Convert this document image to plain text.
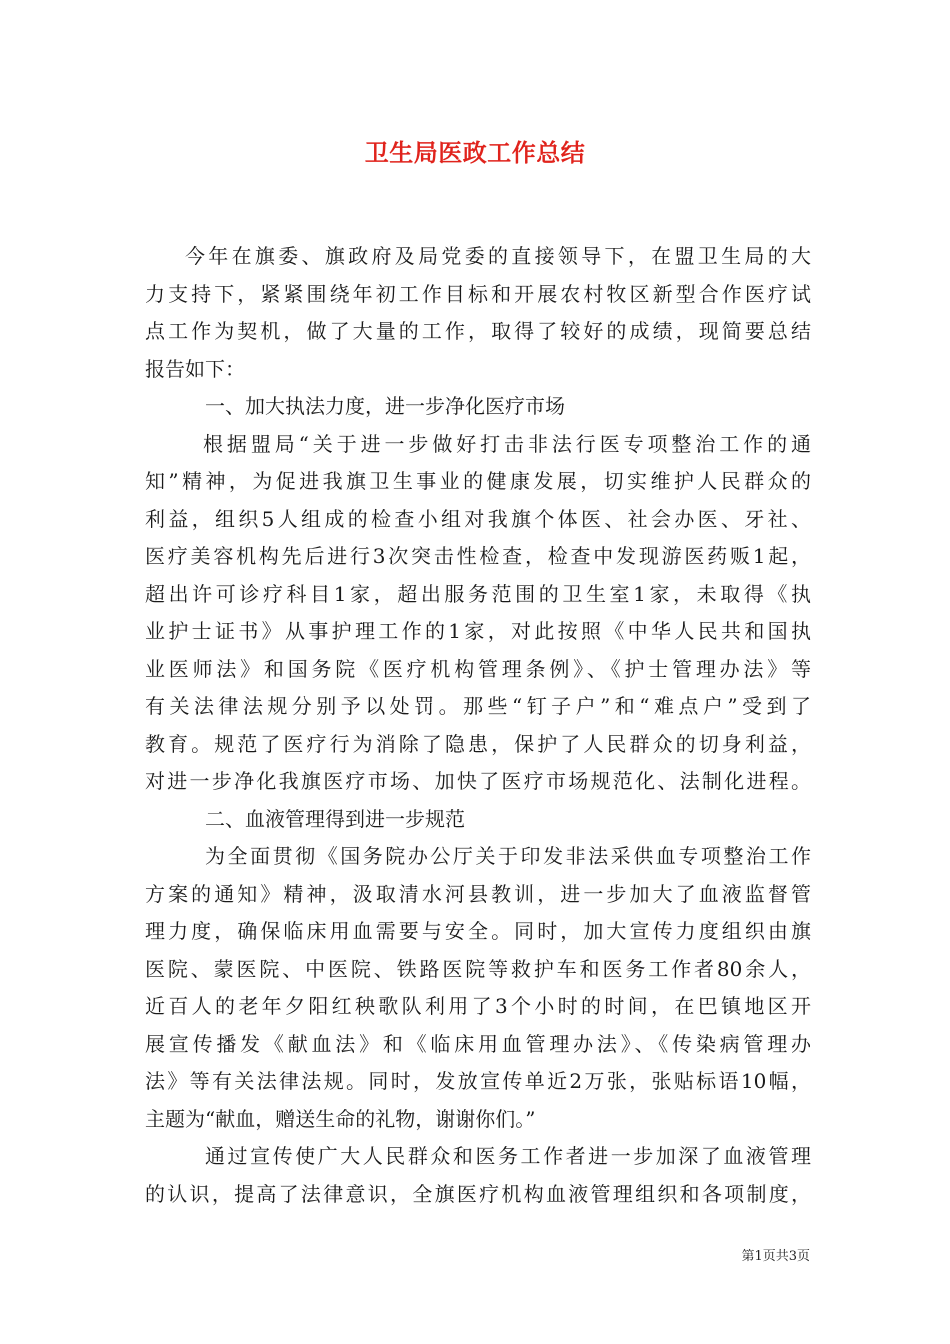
卫生局医政工作总结
今年在旗委、旗政府及局党委的直接领导下，在盟卫生局的大
力支持下，紧紧围绕年初工作目标和开展农村牧区新型合作医疗试
点工作为契机，做了大量的工作，取得了较好的成绩，现简要总结
报告如下：
一、加大执法力度，进一步净化医疗市场
根据盟局“关于进一步做好打击非法行医专项整治工作的通
知”精神，为促进我旗卫生事业的健康发展，切实维护人民群众的
利益，组织5人组成的检查小组对我旗个体医、社会办医、牙社、
医疗美容机构先后进行3次突击性检查，检查中发现游医药贩1起，
超出许可诊疗科目1家，超出服务范围的卫生室1家，未取得《执
业护士证书》从事护理工作的1家，对此按照《中华人民共和国执
业医师法》和国务院《医疗机构管理条例》、《护士管理办法》等
有关法律法规分别予以处罚。那些“钉子户”和“难点户”受到了
教育。规范了医疗行为消除了隐患，保护了人民群众的切身利益，
对进一步净化我旗医疗市场、加快了医疗市场规范化、法制化进程。
二、血液管理得到进一步规范
为全面贯彻《国务院办公厅关于印发非法采供血专项整治工作
方案的通知》精神，汲取清水河县教训，进一步加大了血液监督管
理力度，确保临床用血需要与安全。同时，加大宣传力度组织由旗
医院、蒙医院、中医院、铁路医院等救护车和医务工作者80余人，
近百人的老年夕阳红秧歌队利用了3个小时的时间，在巴镇地区开
展宣传播发《献血法》和《临床用血管理办法》、《传染病管理办
法》等有关法律法规。同时，发放宣传单近2万张，张贴标语10幅，
主题为“献血，赠送生命的礼物，谢谢你们。”
通过宣传使广大人民群众和医务工作者进一步加深了血液管理
的认识，提高了法律意识，全旗医疗机构血液管理组织和各项制度，
第1页共3页
